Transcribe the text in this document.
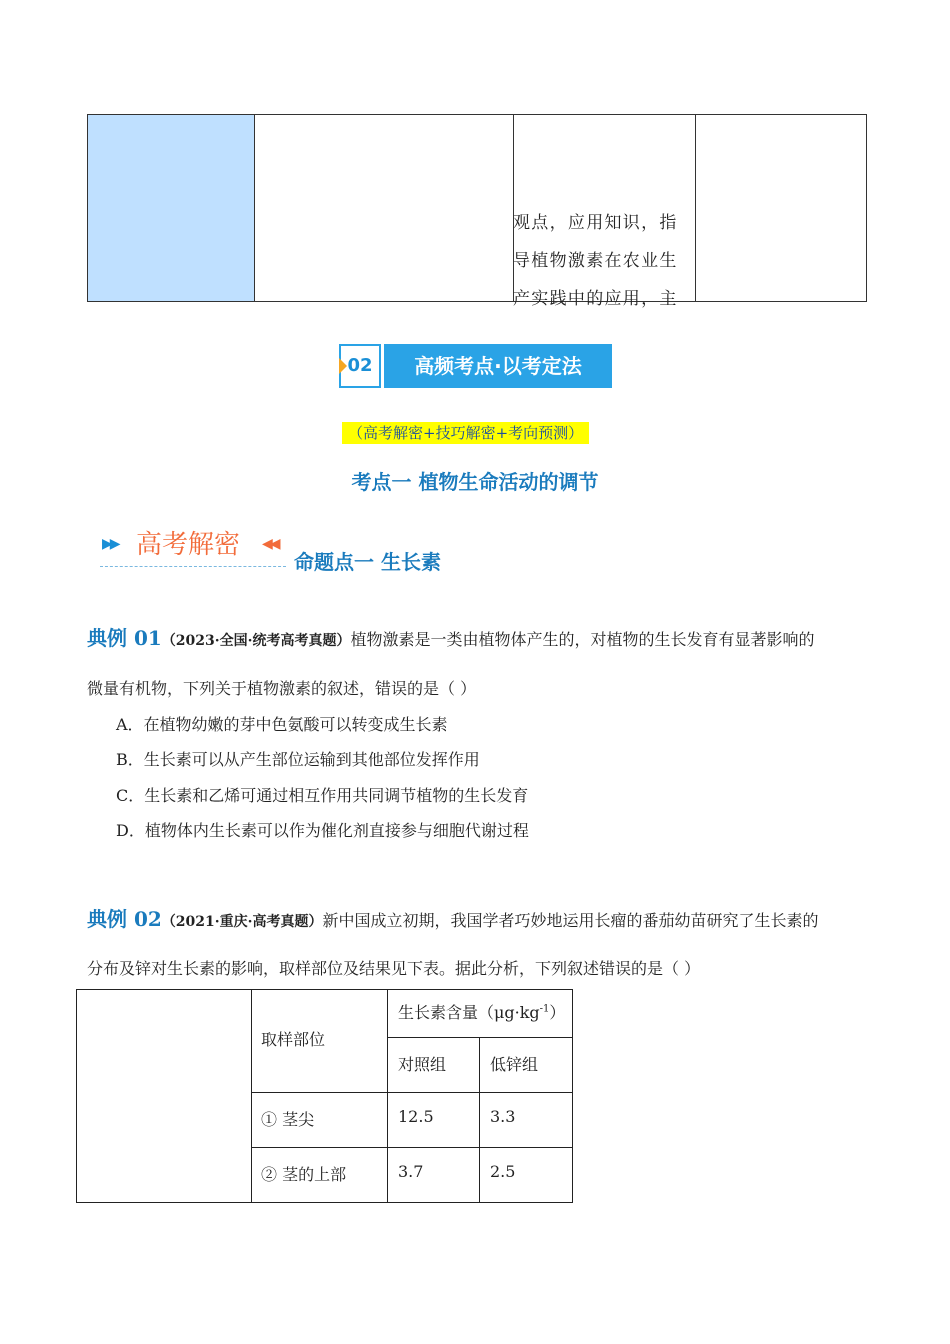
观点，应用知识，指
导植物激素在农业生
产实践中的应用，主
02	高频考点·以考定法
（高考解密+技巧解密+考向预测）
考点一 植物生命活动的调节
▶▶ 高考解密 ◀◀
命题点一 生长素
典例 01（2023·全国·统考高考真题）植物激素是一类由植物体产生的，对植物的生长发育有显著影响的
微量有机物，下列关于植物激素的叙述，错误的是（ ）
A．在植物幼嫩的芽中色氨酸可以转变成生长素
B．生长素可以从产生部位运输到其他部位发挥作用
C．生长素和乙烯可通过相互作用共同调节植物的生长发育
D．植物体内生长素可以作为催化剂直接参与细胞代谢过程
典例 02（2021·重庆·高考真题）新中国成立初期，我国学者巧妙地运用长瘤的番茄幼苗研究了生长素的
分布及锌对生长素的影响，取样部位及结果见下表。据此分析，下列叙述错误的是（ ）
取样部位
生长素含量$(\mu g\cdot kg^{-1})$
对照组	低锌组
① 茎尖	12.5	3.3
② 茎的上部	3.7	2.5
